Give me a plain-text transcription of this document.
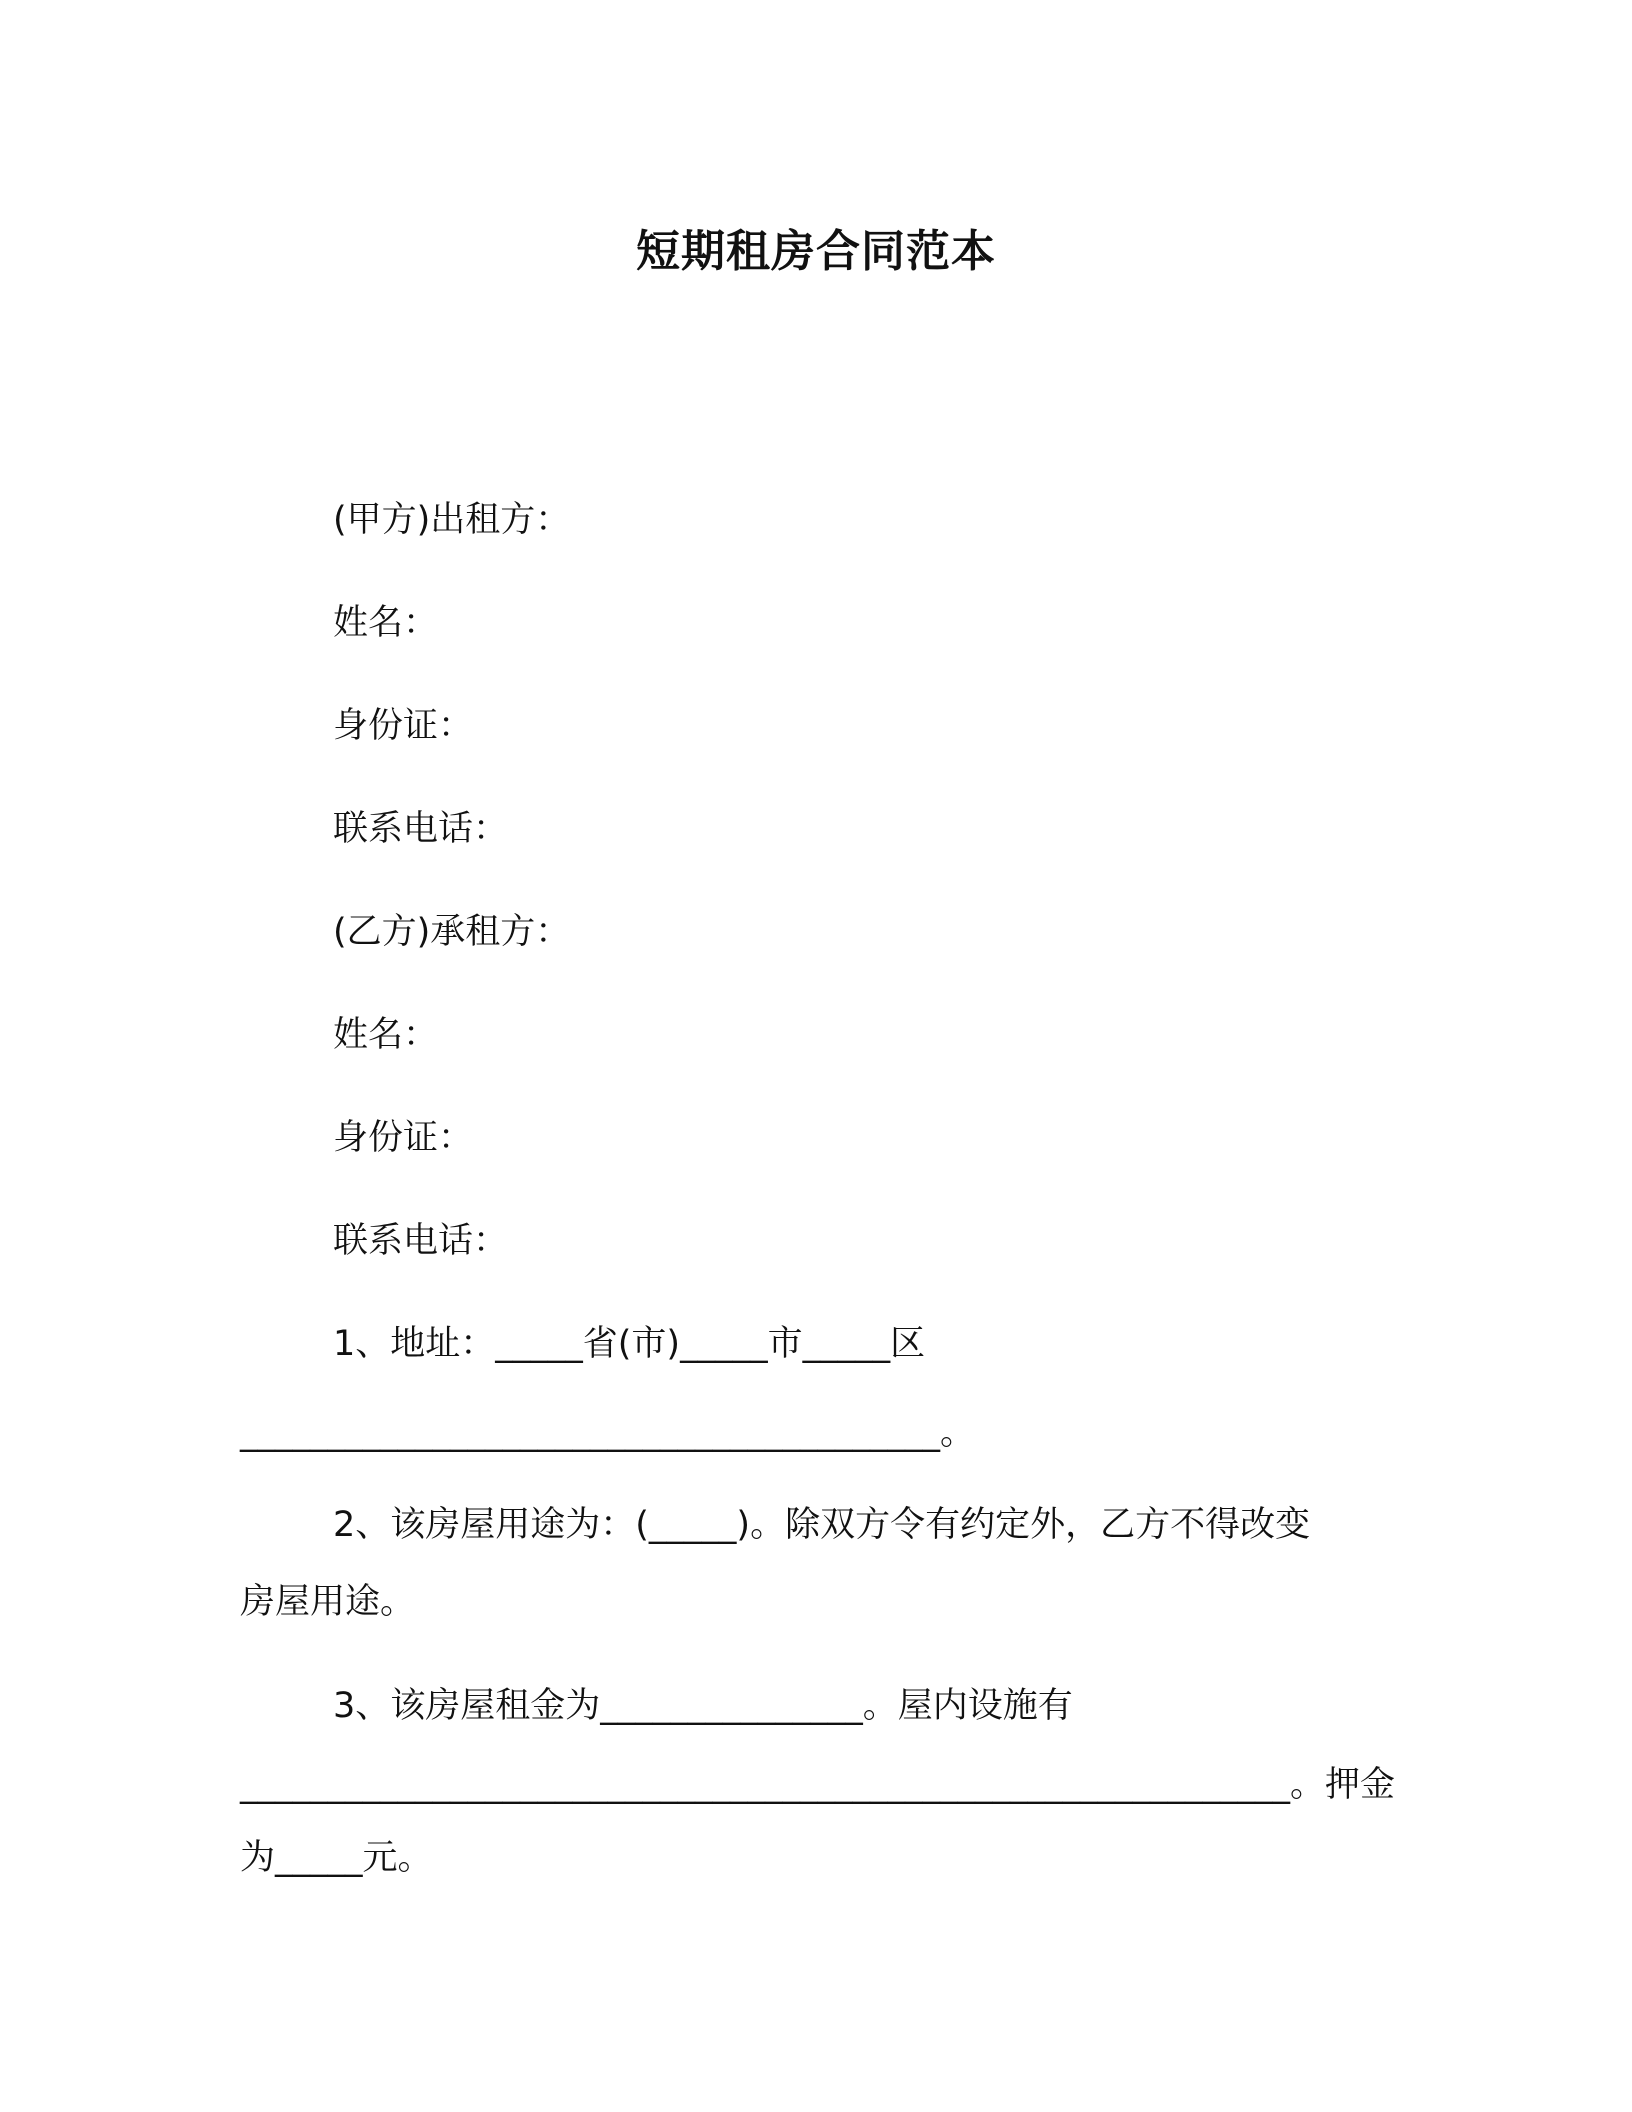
短期租房合同范本
(甲方)出租方：
姓名：
身份证：
联系电话：
(乙方)承租方：
姓名：
身份证：
联系电话：
1、地址：_____省(市)_____市_____区
________________________________________。
2、该房屋用途为：(_____)。除双方令有约定外，乙方不得改变
房屋用途。
3、该房屋租金为_______________。屋内设施有
____________________________________________________________。押金
为_____元。
